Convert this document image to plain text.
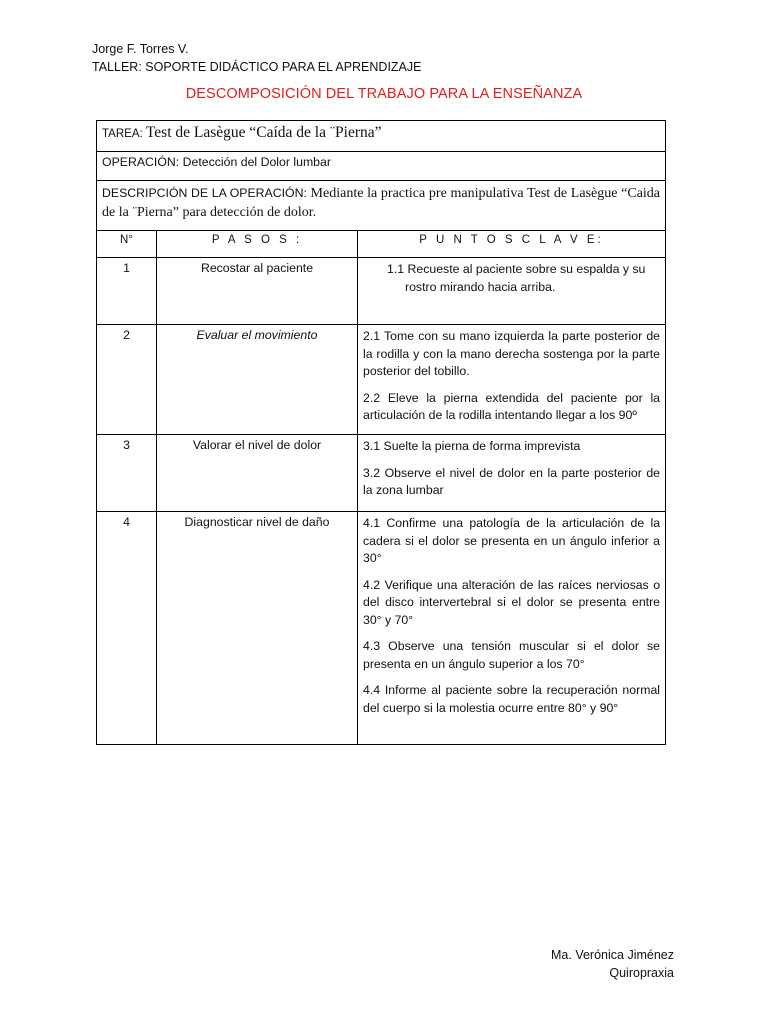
Jorge F. Torres V.
TALLER: SOPORTE DIDÁCTICO PARA EL APRENDIZAJE
DESCOMPOSICIÓN DEL TRABAJO PARA LA ENSEÑANZA
TAREA: Test de Lasègue “Caída de la ¨Pierna”		
OPERACIÓN: Detección del Dolor lumbar		
DESCRIPCIÓN DE LA OPERACIÓN: Mediante la practica pre manipulativa Test de Lasègue “Caida de la ¨Pierna” para detección de dolor.		
N°	P A S O S :	P U N T O S C L A V E:
1	Recostar al paciente	1.1 Recueste al paciente sobre su espalda y su rostro mirando hacia arriba.

2	Evaluar el movimiento	2.1 Tome con su mano izquierda la parte posterior de la rodilla y con la mano derecha sostenga por la parte posterior del tobillo.
2.2 Eleve la pierna extendida del paciente por la articulación de la rodilla intentando llegar a los 90º

3	Valorar el nivel de dolor	3.1 Suelte la pierna de forma imprevista
3.2 Observe el nivel de dolor en la parte posterior de la zona lumbar

4	Diagnosticar nivel de daño	4.1 Confirme una patología de la articulación de la cadera si el dolor se presenta en un ángulo inferior a 30°
4.2 Verifique una alteración de las raíces nerviosas o del disco intervertebral si el dolor se presenta entre 30° y 70°
4.3 Observe una tensión muscular si el dolor se presenta en un ángulo superior a los 70°
4.4 Informe al paciente sobre la recuperación normal del cuerpo si la molestia ocurre entre 80° y 90°
Ma. Verónica Jiménez
Quiropraxia
